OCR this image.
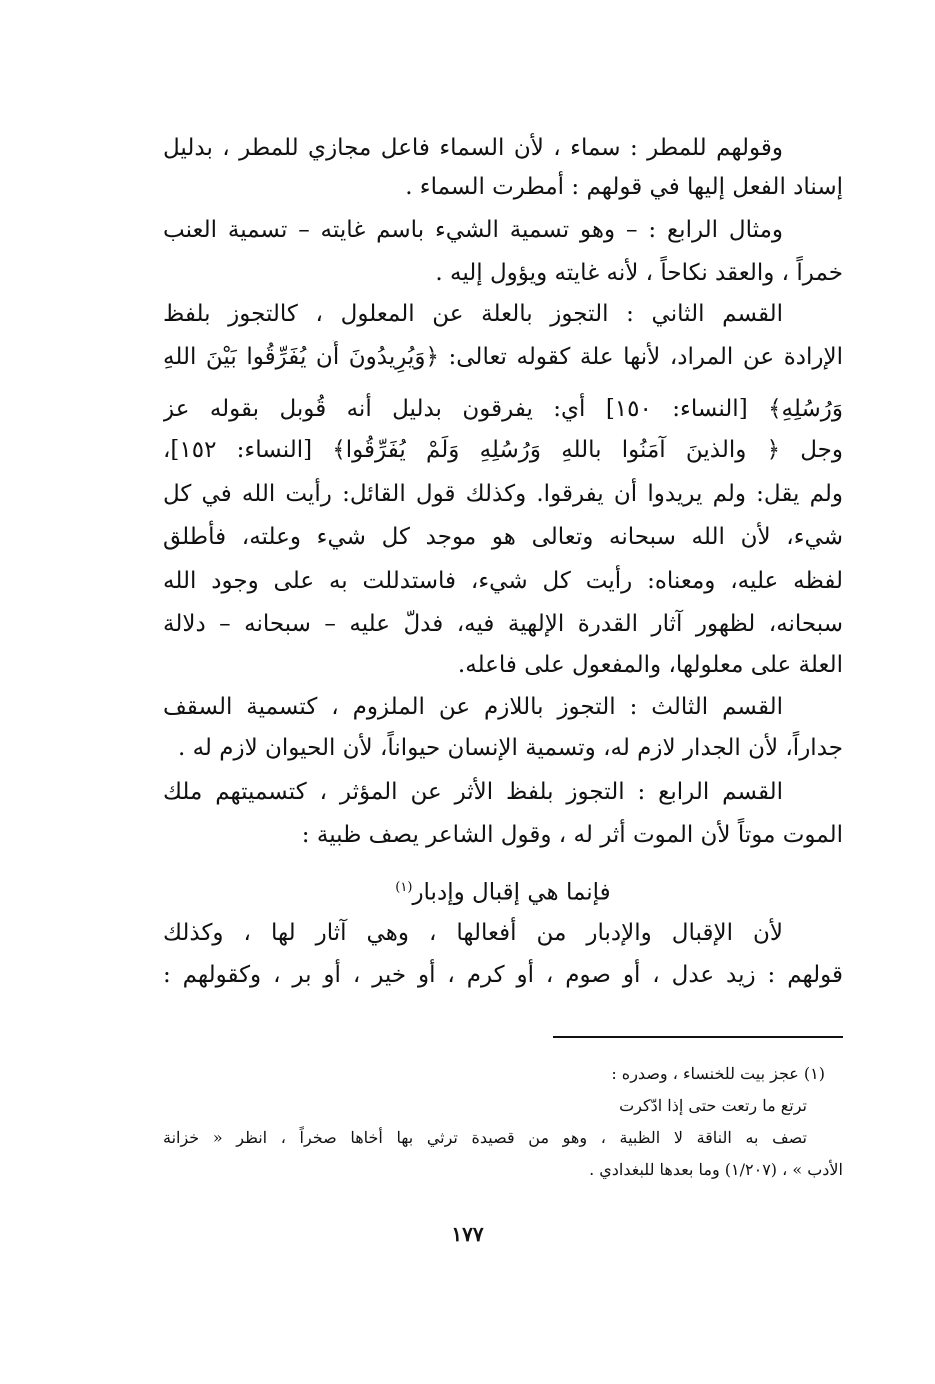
وقولهم للمطر : سماء ، لأن السماء فاعل مجازي للمطر ، بدليل
إسناد الفعل إليها في قولهم : أمطرت السماء .
ومثال الرابع : – وهو تسمية الشيء باسم غايته – تسمية العنب
خمراً ، والعقد نكاحاً ، لأنه غايته ويؤول إليه .
القسم الثاني : التجوز بالعلة عن المعلول ، كالتجوز بلفظ
الإرادة عن المراد، لأنها علة كقوله تعالى: ﴿وَيُرِيدُونَ أَن يُفَرِّقُوا بَيْنَ اللهِ
وَرُسُلِهِ﴾ [النساء: ١٥٠] أي: يفرقون بدليل أنه قُوبل بقوله عز
وجل ﴿ والذينَ آمَنُوا باللهِ وَرُسُلِهِ وَلَمْ يُفَرِّقُوا﴾ [النساء: ١٥٢]،
ولم يقل: ولم يريدوا أن يفرقوا. وكذلك قول القائل: رأيت الله في كل
شيء، لأن الله سبحانه وتعالى هو موجد كل شيء وعلته، فأطلق
لفظه عليه، ومعناه: رأيت كل شيء، فاستدللت به على وجود الله
سبحانه، لظهور آثار القدرة الإلهية فيه، فدلّ عليه – سبحانه – دلالة
العلة على معلولها، والمفعول على فاعله.
القسم الثالث : التجوز باللازم عن الملزوم ، كتسمية السقف
جداراً، لأن الجدار لازم له، وتسمية الإنسان حيواناً، لأن الحيوان لازم له .
القسم الرابع : التجوز بلفظ الأثر عن المؤثر ، كتسميتهم ملك
الموت موتاً لأن الموت أثر له ، وقول الشاعر يصف ظبية :
فإنما هي إقبال وإدبار$^{(١)}$
لأن الإقبال والإدبار من أفعالها ، وهي آثار لها ، وكذلك
قولهم : زيد عدل ، أو صوم ، أو كرم ، أو خير ، أو بر ، وكقولهم :
(١) عجز بيت للخنساء ، وصدره :
ترتع ما رتعت حتى إذا ادّكرت
تصف به الناقة لا الظبية ، وهو من قصيدة ترثي بها أخاها صخراً ، انظر « خزانة
الأدب » ، (١/٢٠٧) وما بعدها للبغدادي .
١٧٧
